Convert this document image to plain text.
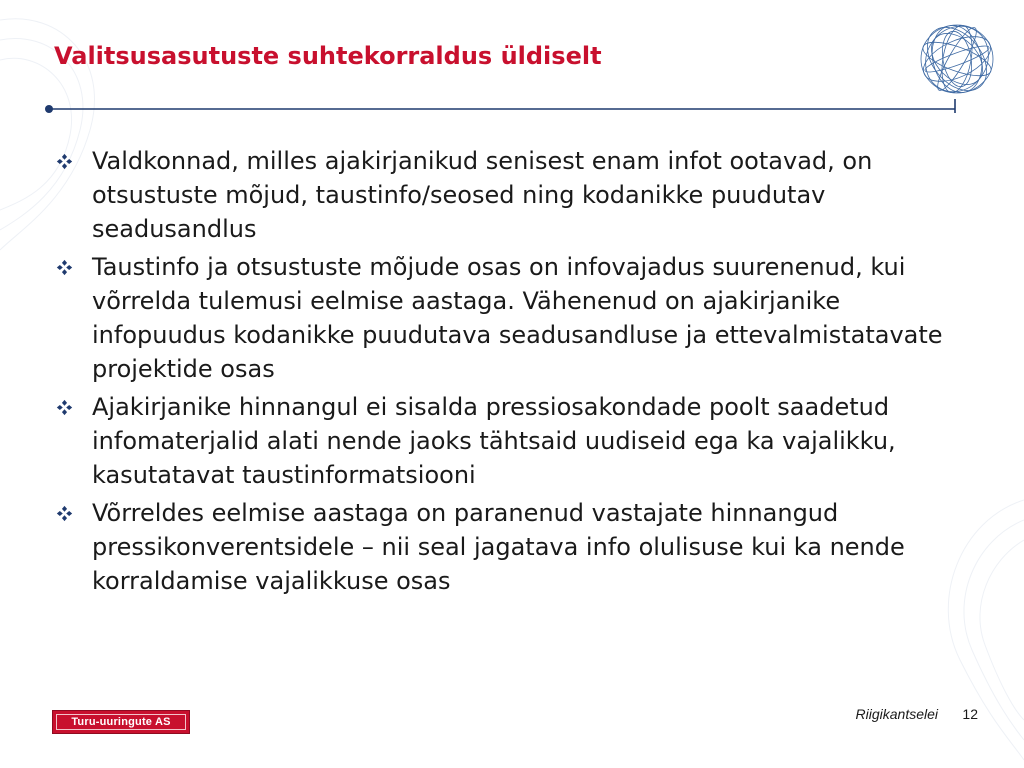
Valitsusasutuste suhtekorraldus üldiselt
Valdkonnad, milles ajakirjanikud senisest enam infot ootavad, on otsustuste mõjud, taustinfo/seosed ning kodanikke puudutav seadusandlus
Taustinfo ja otsustuste mõjude osas on infovajadus suurenenud, kui võrrelda tulemusi eelmise aastaga. Vähenenud on ajakirjanike infopuudus kodanikke puudutava seadusandluse ja ettevalmistatavate projektide osas
Ajakirjanike hinnangul ei sisalda pressiosakondade poolt saadetud infomaterjalid alati nende jaoks tähtsaid uudiseid ega ka vajalikku, kasutatavat taustinformatsiooni
Võrreldes eelmise aastaga on paranenud vastajate hinnangud pressikonverentsidele – nii seal jagatava info olulisuse kui ka nende korraldamise vajalikkuse osas
Turu-uuringute AS	Riigikantselei 12
